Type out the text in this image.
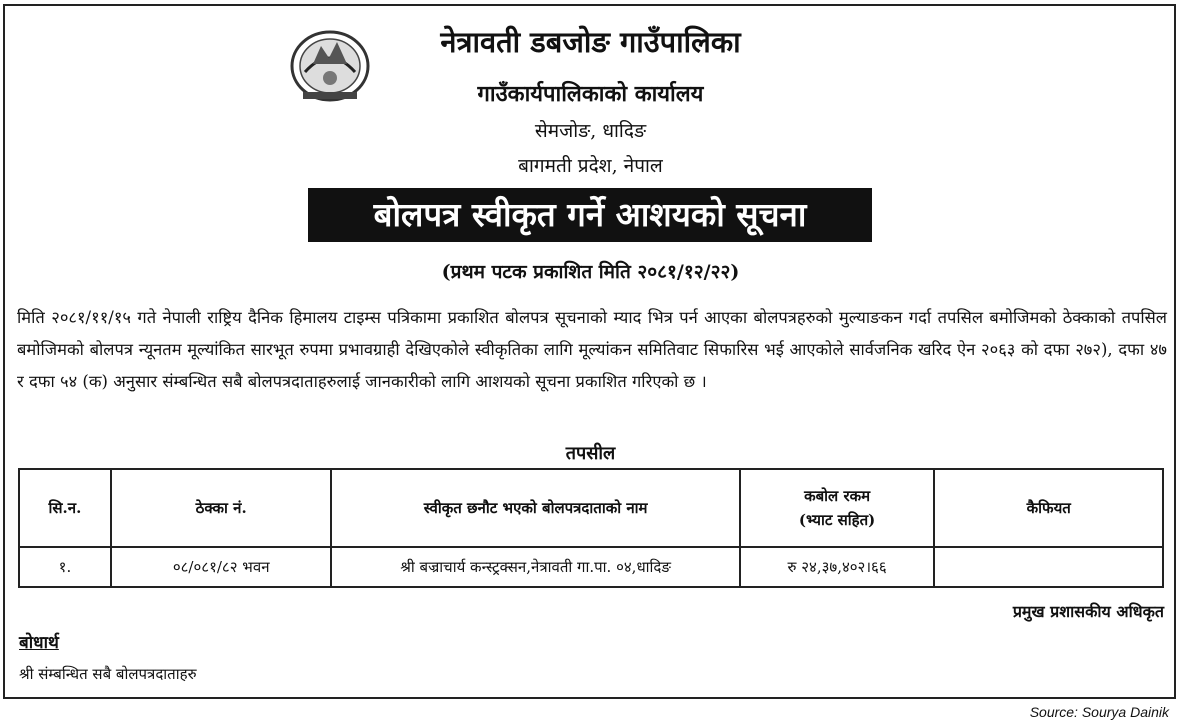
नेत्रावती डबजोङ गाउँपालिका
गाउँकार्यपालिकाको कार्यालय
सेमजोङ, धादिङ
बागमती प्रदेश, नेपाल
बोलपत्र स्वीकृत गर्ने आशयको सूचना
(प्रथम पटक प्रकाशित मिति २०८१/१२/२२)
मिति २०८१/११/१५ गते नेपाली राष्ट्रिय दैनिक हिमालय टाइम्स पत्रिकामा प्रकाशित बोलपत्र सूचनाको म्याद भित्र पर्न आएका बोलपत्रहरुको मुल्याङकन गर्दा तपसिल बमोजिमको ठेक्काको तपसिल बमोजिमको बोलपत्र न्यूनतम मूल्यांकित सारभूत रुपमा प्रभावग्राही देखिएकोले स्वीकृतिका लागि मूल्यांकन समितिवाट सिफारिस भई आएकोले सार्वजनिक खरिद ऐन २०६३ को दफा २७२), दफा ४७ र दफा ५४ (क) अनुसार संम्बन्धित सबै बोलपत्रदाताहरुलाई जानकारीको लागि आशयको सूचना प्रकाशित गरिएको छ ।
तपसील
सि.न.	ठेक्का नं.	स्वीकृत छनौट भएको बोलपत्रदाताको नाम	कबोल रकम
(भ्याट सहित)	कैफियत
१.	०८/०८१/८२ भवन	श्री बज्राचार्य कन्स्ट्रक्सन,नेत्रावती गा.पा. ०४,धादिङ	रु २४,३७,४०२।६६	
प्रमुख प्रशासकीय अधिकृत
बोधार्थ
श्री संम्बन्धित सबै बोलपत्रदाताहरु
Source: Sourya Dainik
